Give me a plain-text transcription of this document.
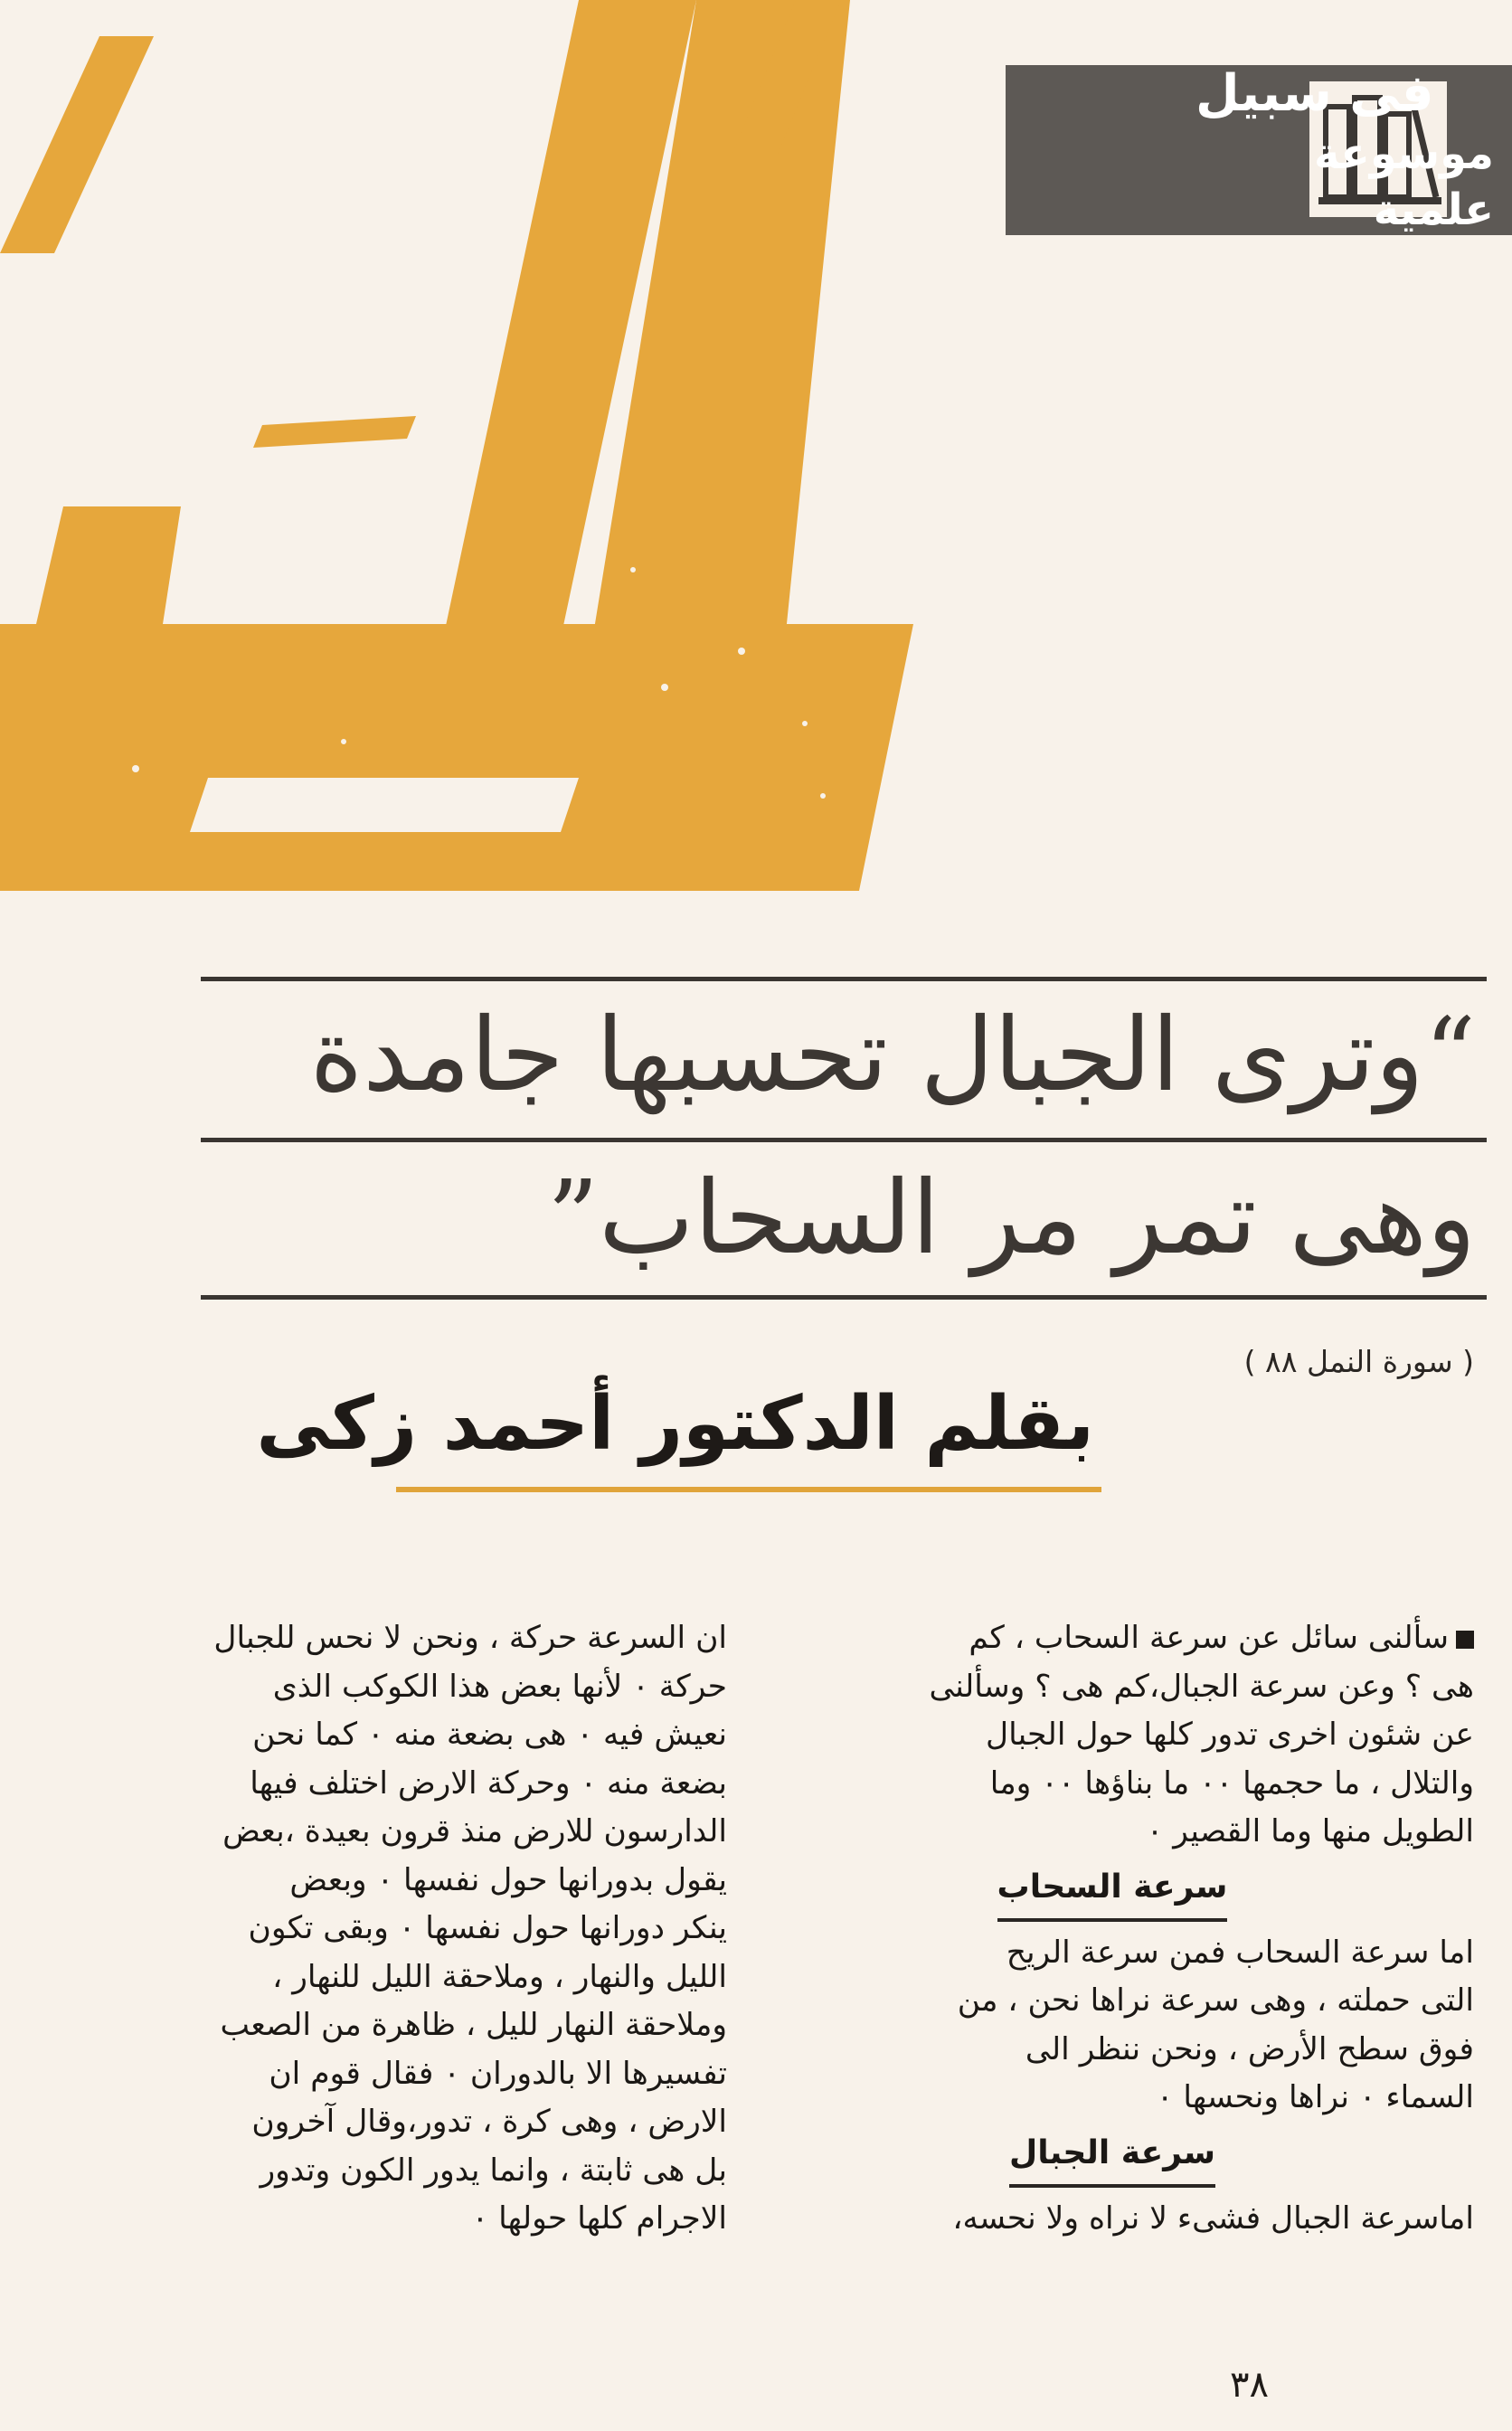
فى سبيل
موسوعة علمية
“وترى الجبال تحسبها جامدة
وهى تمر مر السحاب”
( سورة النمل ٨٨ )
بقلم الدكتور أحمد زكى

سألنى سائل عن سرعة السحاب ، كم

هى ؟ وعن سرعة الجبال،كم هى ؟ وسألنى

عن شئون اخرى تدور كلها حول الجبال

والتلال ، ما حجمها ٠٠ ما بناؤها ٠٠ وما

الطويل منها وما القصير ٠

سرعة السحاب

اما سرعة السحاب فمن سرعة الريح

التى حملته ، وهى سرعة نراها نحن ، من

فوق سطح الأرض ، ونحن ننظر الى

السماء ٠ نراها ونحسها ٠

سرعة الجبال

اماسرعة الجبال فشىء لا نراه ولا نحسه،

ان السرعة حركة ، ونحن لا نحس للجبال

حركة ٠ لأنها بعض هذا الكوكب الذى

نعيش فيه ٠ هى بضعة منه ٠ كما نحن

بضعة منه ٠ وحركة الارض اختلف فيها

الدارسون للارض منذ قرون بعيدة ،بعض

يقول بدورانها حول نفسها ٠ وبعض

ينكر دورانها حول نفسها ٠ وبقى تكون

الليل والنهار ، وملاحقة الليل للنهار ،

وملاحقة النهار لليل ، ظاهرة من الصعب

تفسيرها الا بالدوران ٠ فقال قوم ان

الارض ، وهى كرة ، تدور،وقال آخرون

بل هى ثابتة ، وانما يدور الكون وتدور

الاجرام كلها حولها ٠

٣٨
